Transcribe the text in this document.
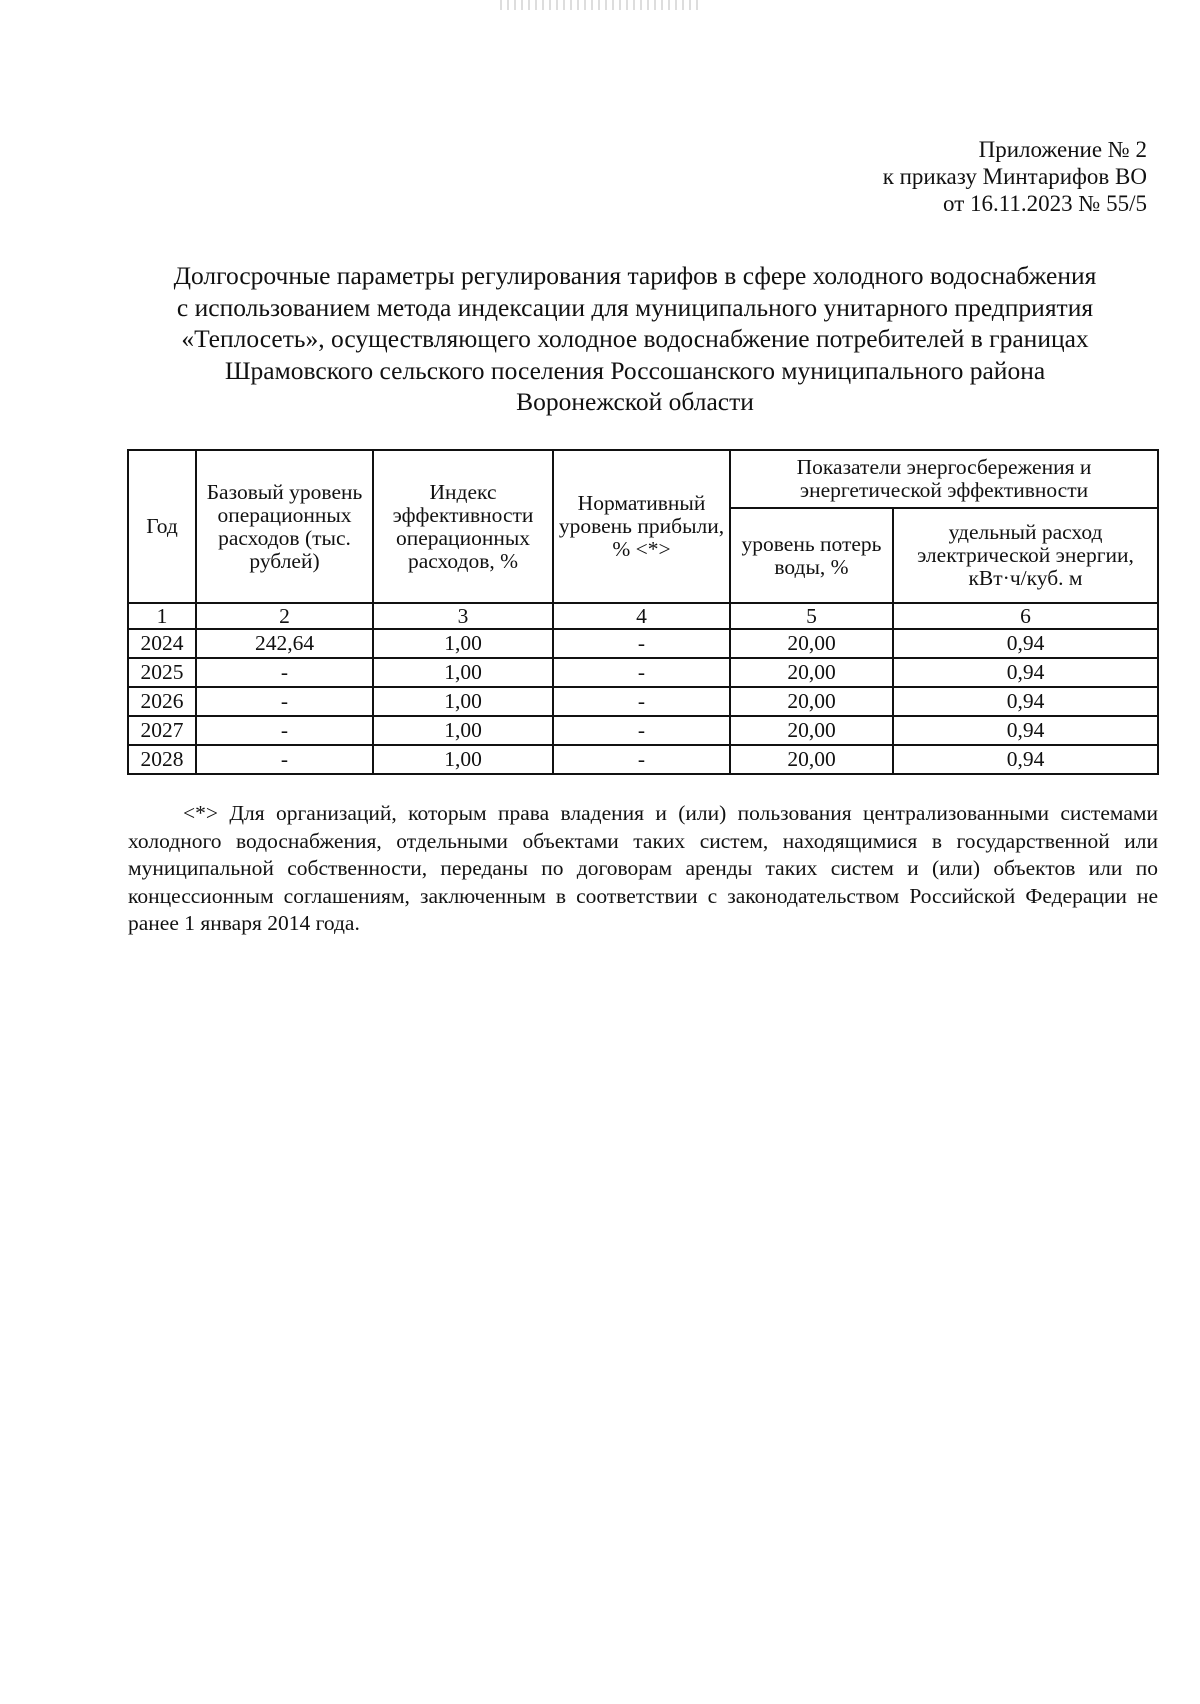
Приложение № 2
к приказу Минтарифов ВО
от 16.11.2023 № 55/5
Долгосрочные параметры регулирования тарифов в сфере холодного водоснабжения
с использованием метода индексации для муниципального унитарного предприятия
«Теплосеть», осуществляющего холодное водоснабжение потребителей в границах
Шрамовского сельского поселения Россошанского муниципального района
Воронежской области
Год	Базовый уровень операционных расходов (тыс. рублей)	Индекс эффективности операционных расходов, %	Нормативный уровень прибыли, % <*>	Показатели энергосбережения и энергетической эффективности	
				уровень потерь воды, %	удельный расход электрической энергии, кВт·ч/куб. м
1	2	3	4	5	6
2024	242,64	1,00	-	20,00	0,94
2025	-	1,00	-	20,00	0,94
2026	-	1,00	-	20,00	0,94
2027	-	1,00	-	20,00	0,94
2028	-	1,00	-	20,00	0,94
<*> Для организаций, которым права владения и (или) пользования централизованными системами холодного водоснабжения, отдельными объектами таких систем, находящимися в государственной или муниципальной собственности, переданы по договорам аренды таких систем и (или) объектов или по концессионным соглашениям, заключенным в соответствии с законодательством Российской Федерации не ранее 1 января 2014 года.
